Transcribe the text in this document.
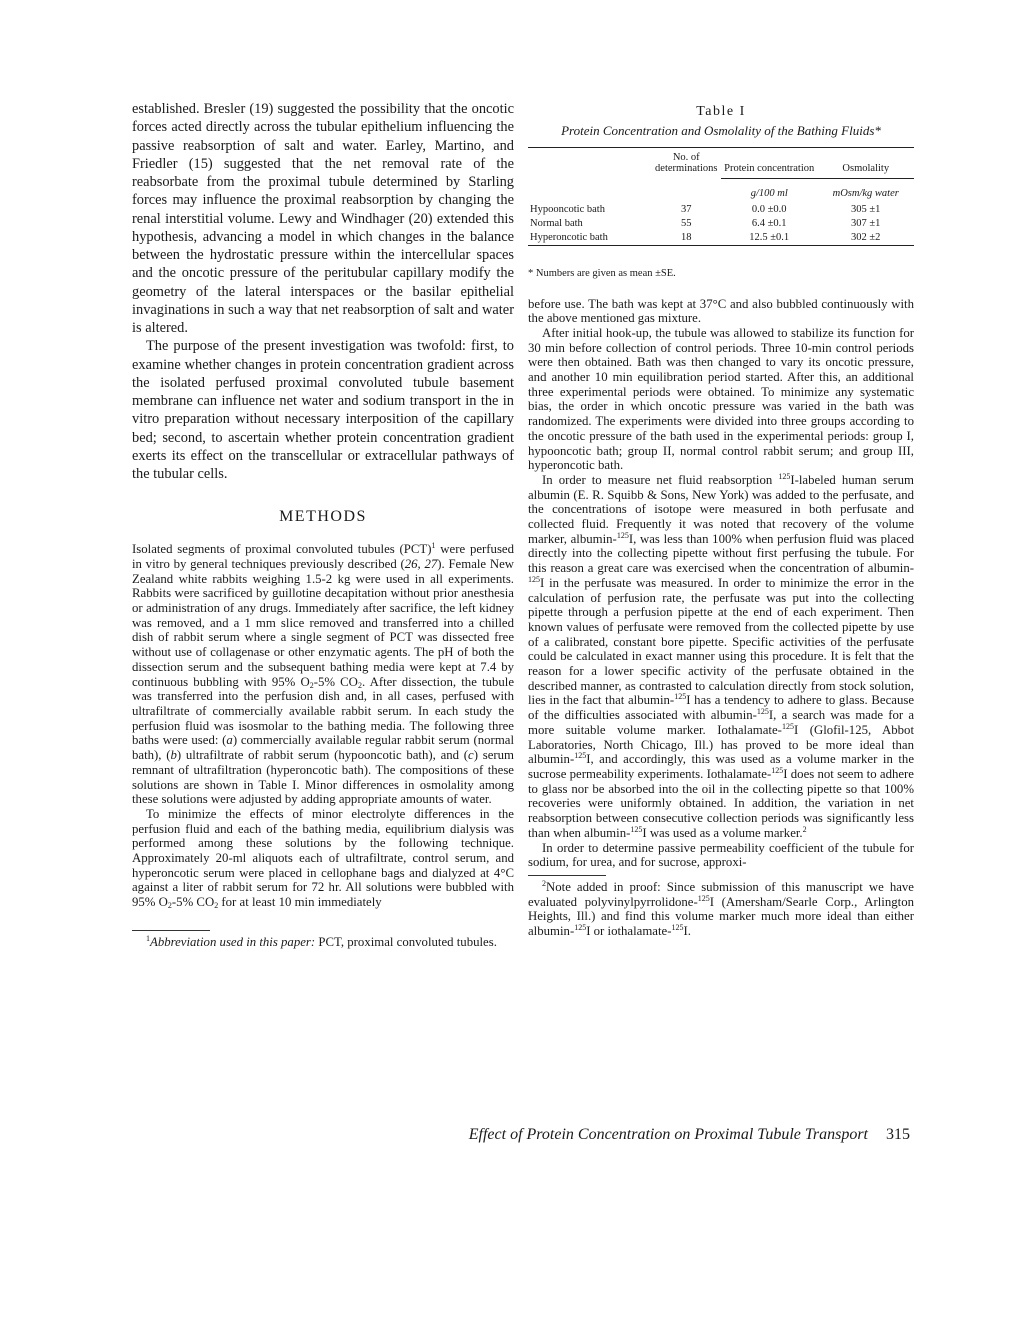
established. Bresler (19) suggested the possibility that the oncotic forces acted directly across the tubular epithelium influencing the passive reabsorption of salt and water. Earley, Martino, and Friedler (15) suggested that the net removal rate of the reabsorbate from the proximal tubule determined by Starling forces may influence the proximal reabsorption by changing the renal interstitial volume. Lewy and Windhager (20) extended this hypothesis, advancing a model in which changes in the balance between the hydrostatic pressure within the intercellular spaces and the oncotic pressure of the peritubular capillary modify the geometry of the lateral interspaces or the basilar epithelial invaginations in such a way that net reabsorption of salt and water is altered.

The purpose of the present investigation was twofold: first, to examine whether changes in protein concentration gradient across the isolated perfused proximal convoluted tubule basement membrane can influence net water and sodium transport in the in vitro preparation without necessary interposition of the capillary bed; second, to ascertain whether protein concentration gradient exerts its effect on the transcellular or extracellular pathways of the tubular cells.

METHODS

Isolated segments of proximal convoluted tubules (PCT)$^1$ were perfused in vitro by general techniques previously described (26, 27). Female New Zealand white rabbits weighing 1.5-2 kg were used in all experiments. Rabbits were sacrificed by guillotine decapitation without prior anesthesia or administration of any drugs. Immediately after sacrifice, the left kidney was removed, and a 1 mm slice removed and transferred into a chilled dish of rabbit serum where a single segment of PCT was dissected free without use of collagenase or other enzymatic agents. The pH of both the dissection serum and the subsequent bathing media were kept at 7.4 by continuous bubbling with 95% $O_2-5\%$ $CO_2$. After dissection, the tubule was transferred into the perfusion dish and, in all cases, perfused with ultrafiltrate of commercially available rabbit serum. In each study the perfusion fluid was isosmolar to the bathing media. The following three baths were used: (a) commercially available regular rabbit serum (normal bath), (b) ultrafiltrate of rabbit serum (hypooncotic bath), and (c) serum remnant of ultrafiltration (hyperoncotic bath). The compositions of these solutions are shown in Table I. Minor differences in osmolality among these solutions were adjusted by adding appropriate amounts of water.

To minimize the effects of minor electrolyte differences in the perfusion fluid and each of the bathing media, equilibrium dialysis was performed among these solutions by the following technique. Approximately 20-ml aliquots each of ultrafiltrate, control serum, and hyperoncotic serum were placed in cellophane bags and dialyzed at 4°C against a liter of rabbit serum for 72 hr. All solutions were bubbled with 95% $O_2-5\%$ $CO_2$ for at least 10 min immediately

$^1$Abbreviation used in this paper: PCT, proximal convoluted tubules.

Table I
Protein Concentration and Osmolality of the Bathing Fluids*
	No. of determinations	Protein concentration	Osmolality
		g/100 ml	mOsm/kg water
Hypooncotic bath	37	0.0 ±0.0	305 ±1
Normal bath	55	6.4 ±0.1	307 ±1
Hyperoncotic bath	18	12.5 ±0.1	302 ±2

* Numbers are given as mean ±SE.

before use. The bath was kept at 37°C and also bubbled continuously with the above mentioned gas mixture.

After initial hook-up, the tubule was allowed to stabilize its function for 30 min before collection of control periods. Three 10-min control periods were then obtained. Bath was then changed to vary its oncotic pressure, and another 10 min equilibration period started. After this, an additional three experimental periods were obtained. To minimize any systematic bias, the order in which oncotic pressure was varied in the bath was randomized. The experiments were divided into three groups according to the oncotic pressure of the bath used in the experimental periods: group I, hypooncotic bath; group II, normal control rabbit serum; and group III, hyperoncotic bath.

In order to measure net fluid reabsorption $^{125}$I-labeled human serum albumin (E. R. Squibb & Sons, New York) was added to the perfusate, and the concentrations of isotope were measured in both perfusate and collected fluid. Frequently it was noted that recovery of the volume marker, albumin-$^{125}$I, was less than 100% when perfusion fluid was placed directly into the collecting pipette without first perfusing the tubule. For this reason a great care was exercised when the concentration of albumin-$^{125}$I in the perfusate was measured. In order to minimize the error in the calculation of perfusion rate, the perfusate was put into the collecting pipette through a perfusion pipette at the end of each experiment. Then known values of perfusate were removed from the collected pipette by use of a calibrated, constant bore pipette. Specific activities of the perfusate could be calculated in exact manner using this procedure. It is felt that the reason for a lower specific activity of the perfusate obtained in the described manner, as contrasted to calculation directly from stock solution, lies in the fact that albumin-$^{125}$I has a tendency to adhere to glass. Because of the difficulties associated with albumin-$^{125}$I, a search was made for a more suitable volume marker. Iothalamate-$^{125}$I (Glofil-125, Abbot Laboratories, North Chicago, Ill.) has proved to be more ideal than albumin-$^{125}$I, and accordingly, this was used as a volume marker in the sucrose permeability experiments. Iothalamate-$^{125}$I does not seem to adhere to glass nor be absorbed into the oil in the collecting pipette so that 100% recoveries were uniformly obtained. In addition, the variation in net reabsorption between consecutive collection periods was significantly less than when albumin-$^{125}$I was used as a volume marker.$^2$

In order to determine passive permeability coefficient of the tubule for sodium, for urea, and for sucrose, approxi-

$^2$Note added in proof: Since submission of this manuscript we have evaluated polyvinylpyrrolidone-$^{125}$I (Amersham/Searle Corp., Arlington Heights, Ill.) and find this volume marker much more ideal than either albumin-$^{125}$I or iothalamate-$^{125}$I.

Effect of Protein Concentration on Proximal Tubule Transport 315
